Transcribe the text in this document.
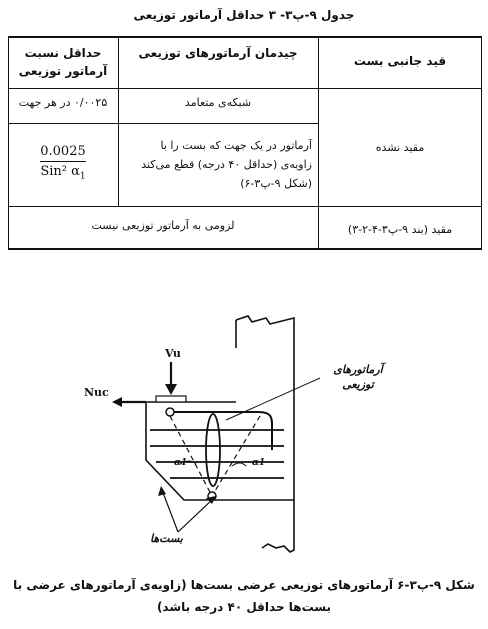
جدول ۹-پ۳- ۳ حداقل آرماتور توزیعی
قید جانبی بست
چیدمان آرماتورهای توزیعی
حداقل نسبت آرماتور توزیعی
شبکه‌ی متعامد
۰/۰۰۲۵ در هر جهت
مقید نشده
آرماتور در یک جهت که بست را با زاویه‌ی (حداقل ۴۰ درجه) قطع می‌کند (شکل ۹-پ۳-۶)
0.0025
Sin² $\alpha_1$
مقید (بند ۹-پ۳-۴-۲-۳)
لزومی به آرماتور توزیعی نیست
Vu
Nuc
آرماتورهای توزیعی
α1	α1
بست‌ها
شکل ۹-پ۳-۶ آرماتورهای توزیعی عرضی بست‌ها (زاویه‌ی آرماتورهای عرضی با بست‌ها حداقل ۴۰ درجه باشد)
